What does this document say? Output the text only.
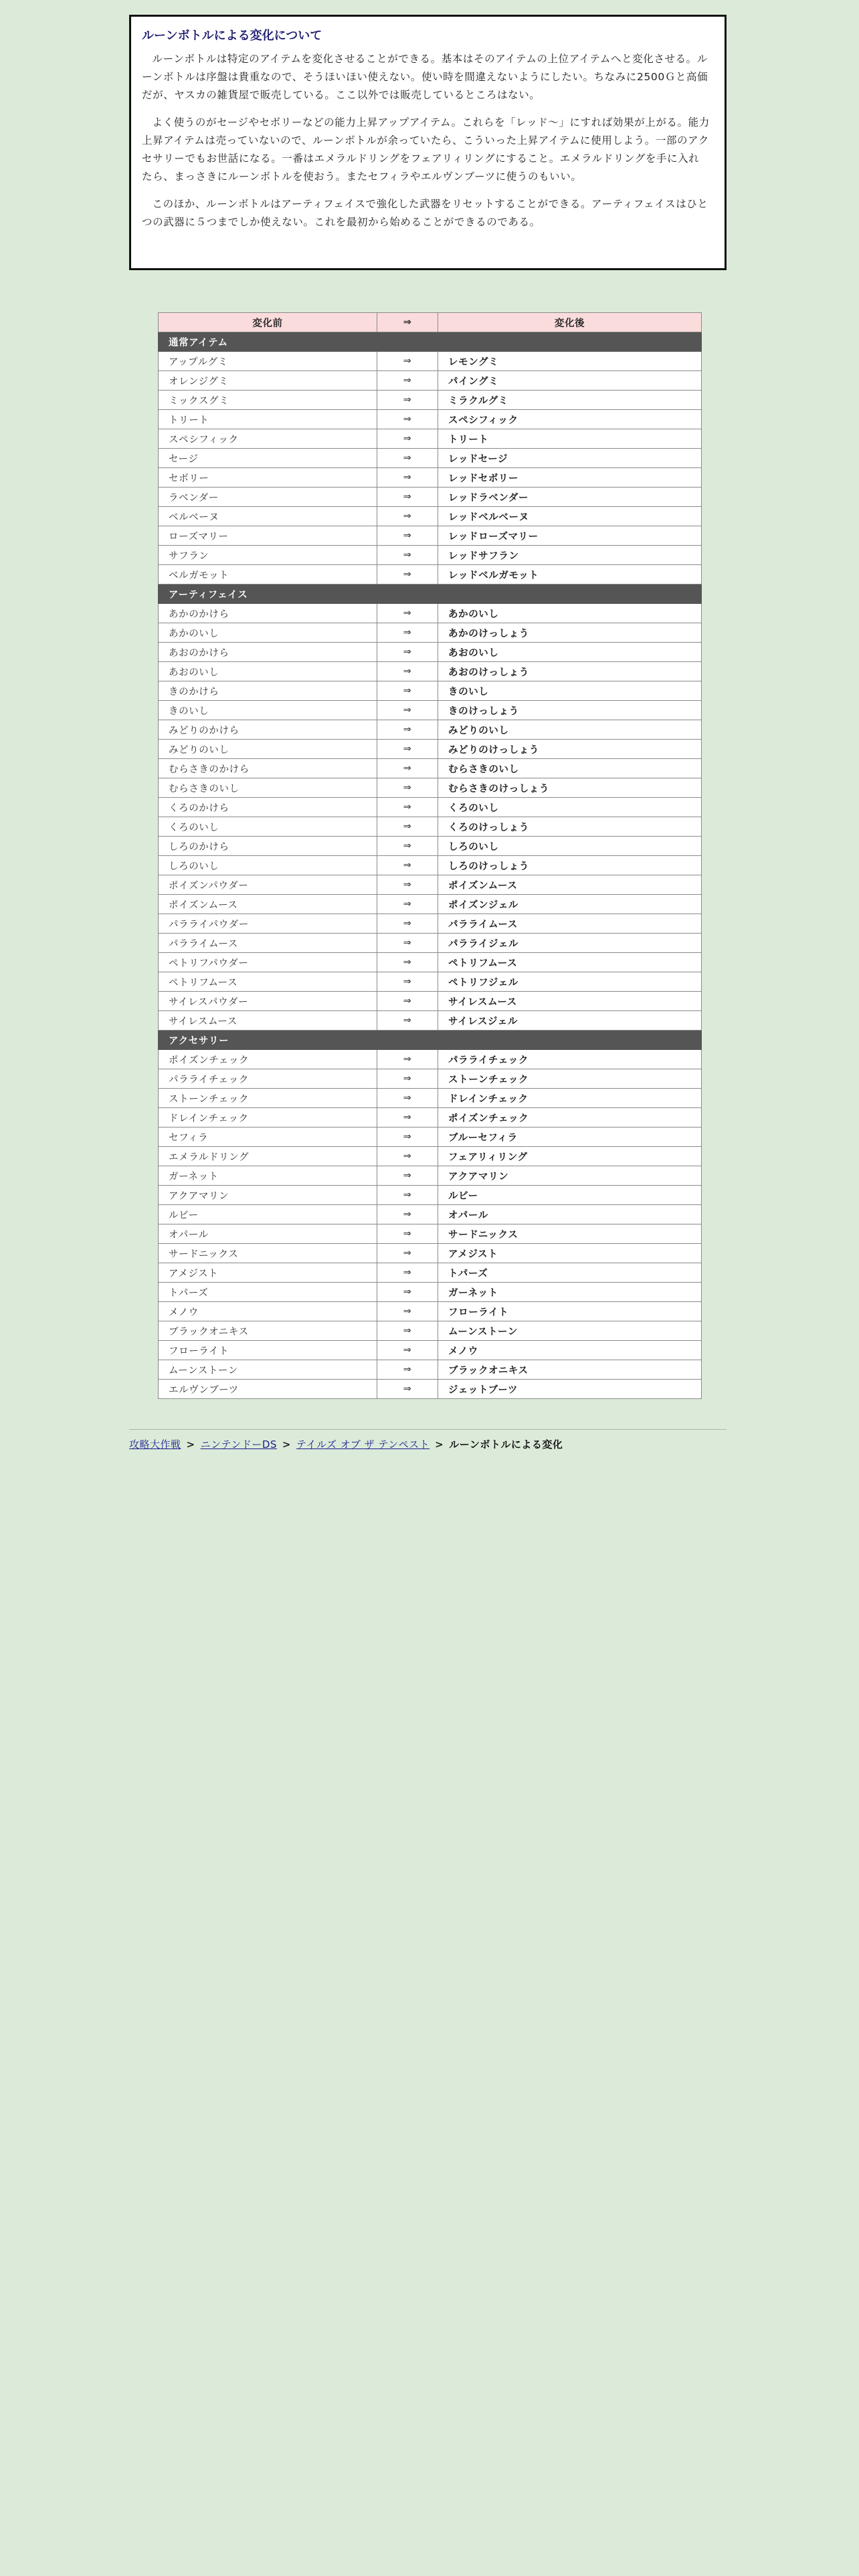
ルーンボトルによる変化について

ルーンボトルは特定のアイテムを変化させることができる。基本はそのアイテムの上位アイテムへと変化させる。ルーンボトルは序盤は貴重なので、そうほいほい使えない。使い時を間違えないようにしたい。ちなみに2500Ｇと高価だが、ヤスカの雑貨屋で販売している。ここ以外では販売しているところはない。

よく使うのがセージやセボリーなどの能力上昇アップアイテム。これらを「レッド～」にすれば効果が上がる。能力上昇アイテムは売っていないので、ルーンボトルが余っていたら、こういった上昇アイテムに使用しよう。一部のアクセサリーでもお世話になる。一番はエメラルドリングをフェアリィリングにすること。エメラルドリングを手に入れたら、まっさきにルーンボトルを使おう。またセフィラやエルヴンブーツに使うのもいい。

このほか、ルーンボトルはアーティフェイスで強化した武器をリセットすることができる。アーティフェイスはひとつの武器に５つまでしか使えない。これを最初から始めることができるのである。

変化前	⇒	変化後
通常アイテム		
アップルグミ	⇒	レモングミ
オレンジグミ	⇒	パイングミ
ミックスグミ	⇒	ミラクルグミ
トリート	⇒	スペシフィック
スペシフィック	⇒	トリート
セージ	⇒	レッドセージ
セボリー	⇒	レッドセボリー
ラベンダー	⇒	レッドラベンダー
ベルベーヌ	⇒	レッドベルベーヌ
ローズマリー	⇒	レッドローズマリー
サフラン	⇒	レッドサフラン
ベルガモット	⇒	レッドベルガモット
アーティフェイス		
あかのかけら	⇒	あかのいし
あかのいし	⇒	あかのけっしょう
あおのかけら	⇒	あおのいし
あおのいし	⇒	あおのけっしょう
きのかけら	⇒	きのいし
きのいし	⇒	きのけっしょう
みどりのかけら	⇒	みどりのいし
みどりのいし	⇒	みどりのけっしょう
むらさきのかけら	⇒	むらさきのいし
むらさきのいし	⇒	むらさきのけっしょう
くろのかけら	⇒	くろのいし
くろのいし	⇒	くろのけっしょう
しろのかけら	⇒	しろのいし
しろのいし	⇒	しろのけっしょう
ポイズンパウダー	⇒	ポイズンムース
ポイズンムース	⇒	ポイズンジェル
パラライパウダー	⇒	パラライムース
パラライムース	⇒	パラライジェル
ペトリフパウダー	⇒	ペトリフムース
ペトリフムース	⇒	ペトリフジェル
サイレスパウダー	⇒	サイレスムース
サイレスムース	⇒	サイレスジェル
アクセサリー		
ポイズンチェック	⇒	パラライチェック
パラライチェック	⇒	ストーンチェック
ストーンチェック	⇒	ドレインチェック
ドレインチェック	⇒	ポイズンチェック
セフィラ	⇒	ブルーセフィラ
エメラルドリング	⇒	フェアリィリング
ガーネット	⇒	アクアマリン
アクアマリン	⇒	ルビー
ルビー	⇒	オパール
オパール	⇒	サードニックス
サードニックス	⇒	アメジスト
アメジスト	⇒	トパーズ
トパーズ	⇒	ガーネット
メノウ	⇒	フローライト
ブラックオニキス	⇒	ムーンストーン
フローライト	⇒	メノウ
ムーンストーン	⇒	ブラックオニキス
エルヴンブーツ	⇒	ジェットブーツ
攻略大作戦 > ニンテンドーDS > テイルズ オブ ザ テンペスト > ルーンボトルによる変化
